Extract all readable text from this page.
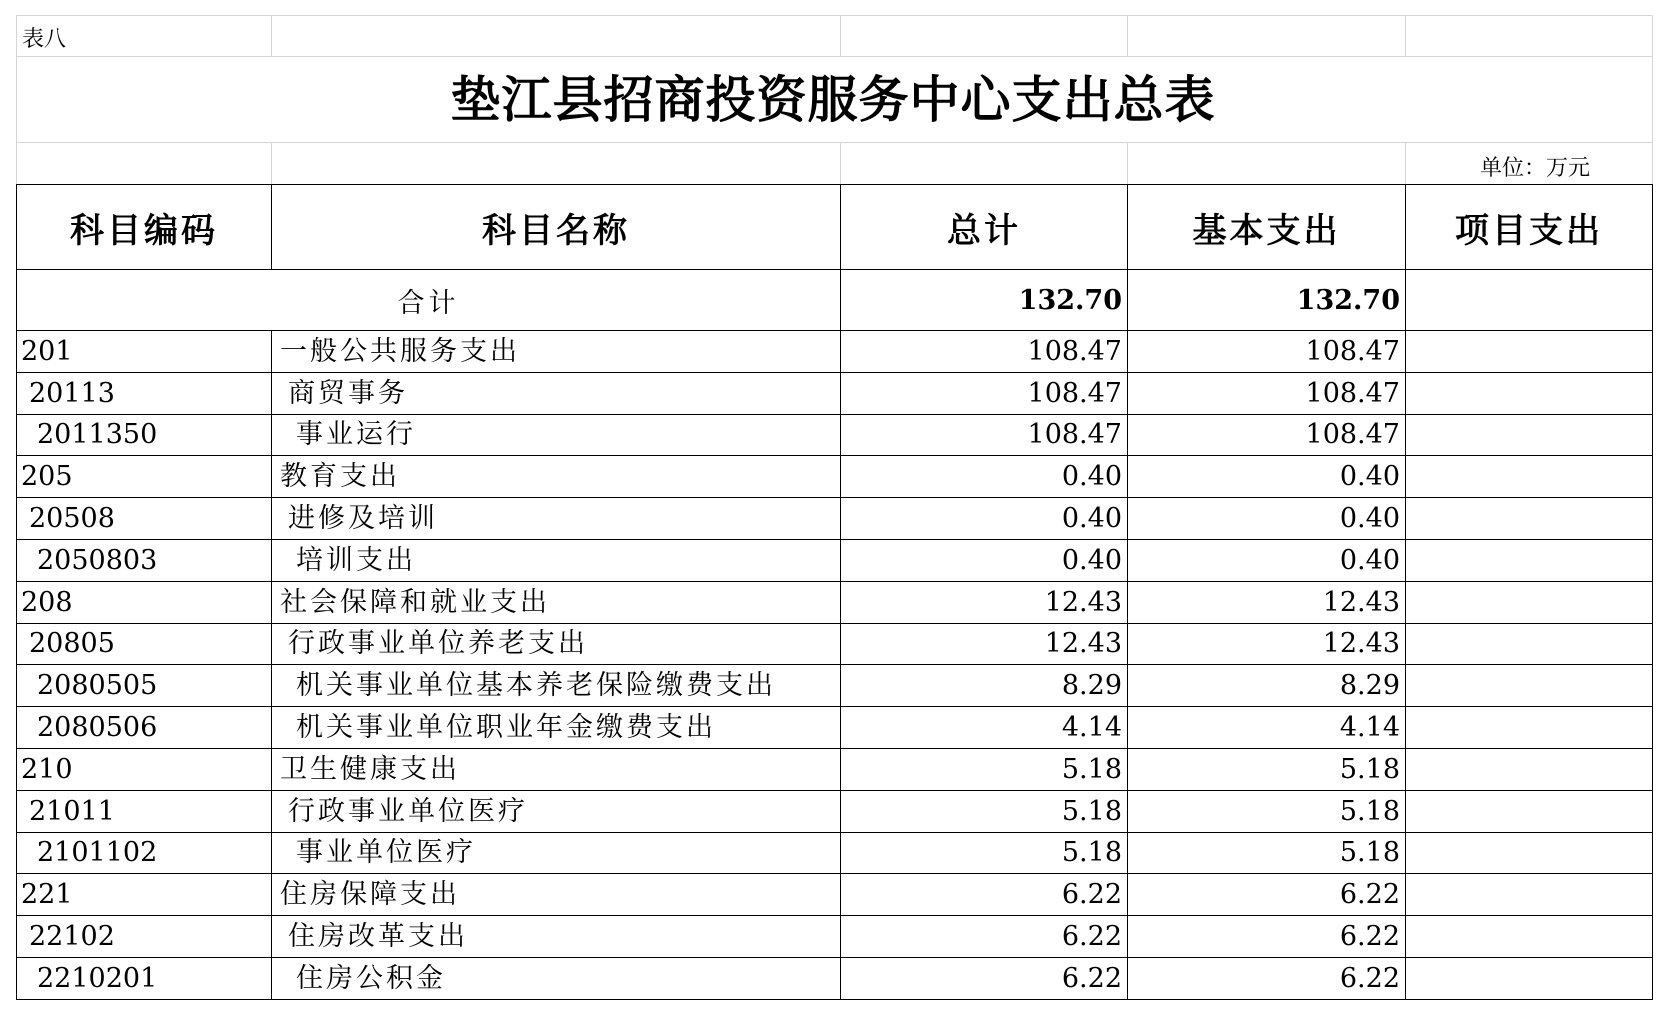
表八
垫江县招商投资服务中心支出总表
单位：万元
科目编码	科目名称	总计	基本支出	项目支出
合计		132.70	132.70	
201	一般公共服务支出	108.47	108.47	
20113	商贸事务	108.47	108.47	
2011350	事业运行	108.47	108.47	
205	教育支出	0.40	0.40	
20508	进修及培训	0.40	0.40	
2050803	培训支出	0.40	0.40	
208	社会保障和就业支出	12.43	12.43	
20805	行政事业单位养老支出	12.43	12.43	
2080505	机关事业单位基本养老保险缴费支出	8.29	8.29	
2080506	机关事业单位职业年金缴费支出	4.14	4.14	
210	卫生健康支出	5.18	5.18	
21011	行政事业单位医疗	5.18	5.18	
2101102	事业单位医疗	5.18	5.18	
221	住房保障支出	6.22	6.22	
22102	住房改革支出	6.22	6.22	
2210201	住房公积金	6.22	6.22	
